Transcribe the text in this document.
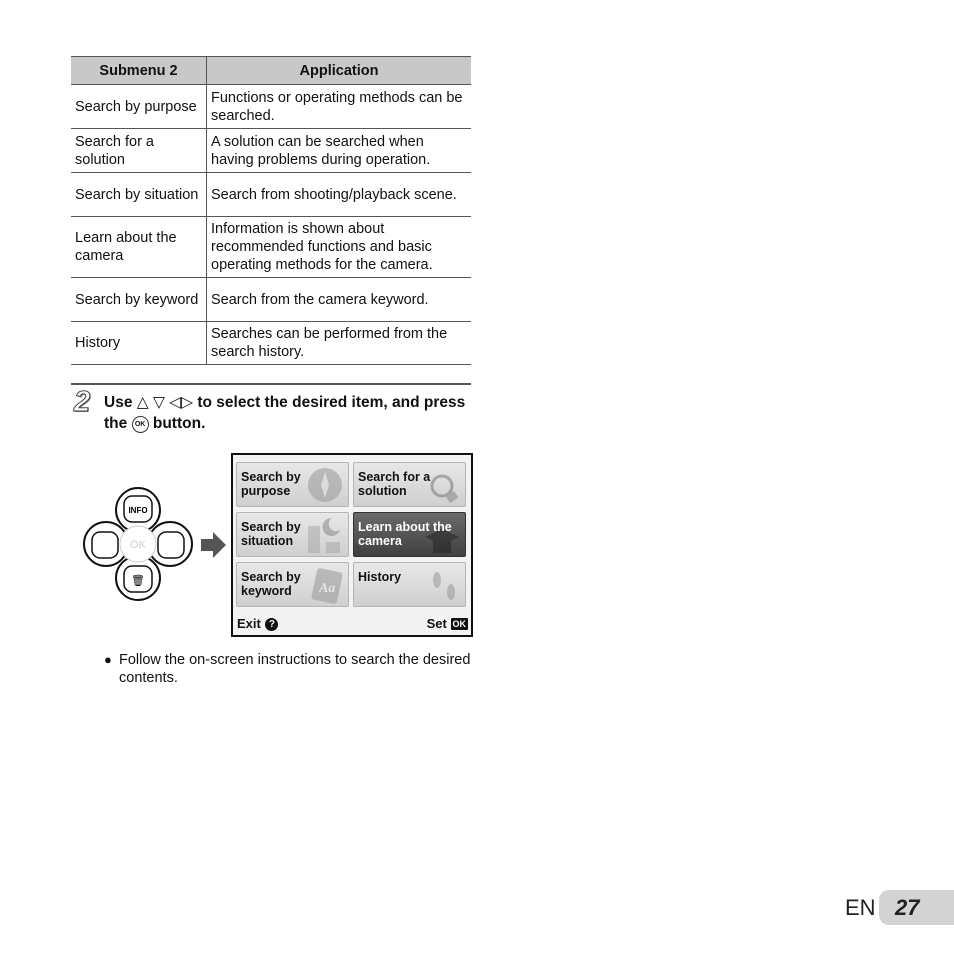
Submenu 2	Application
Search by purpose	Functions or operating methods can be searched.
Search for a solution	A solution can be searched when having problems during operation.
Search by situation	Search from shooting/playback scene.
Learn about the camera	Information is shown about recommended functions and basic operating methods for the camera.
Search by keyword	Search from the camera keyword.
History	Searches can be performed from the search history.
2 Use △ ▽ ◁▷ to select the desired item, and press the OK button.
INFO
OK
🗑
Search by purpose
Search for a solution
Search by situation
Learn about the camera
Search by keyword Aa
History
Exit ?	Set OK
● Follow the on-screen instructions to search the desired contents.
EN 27
